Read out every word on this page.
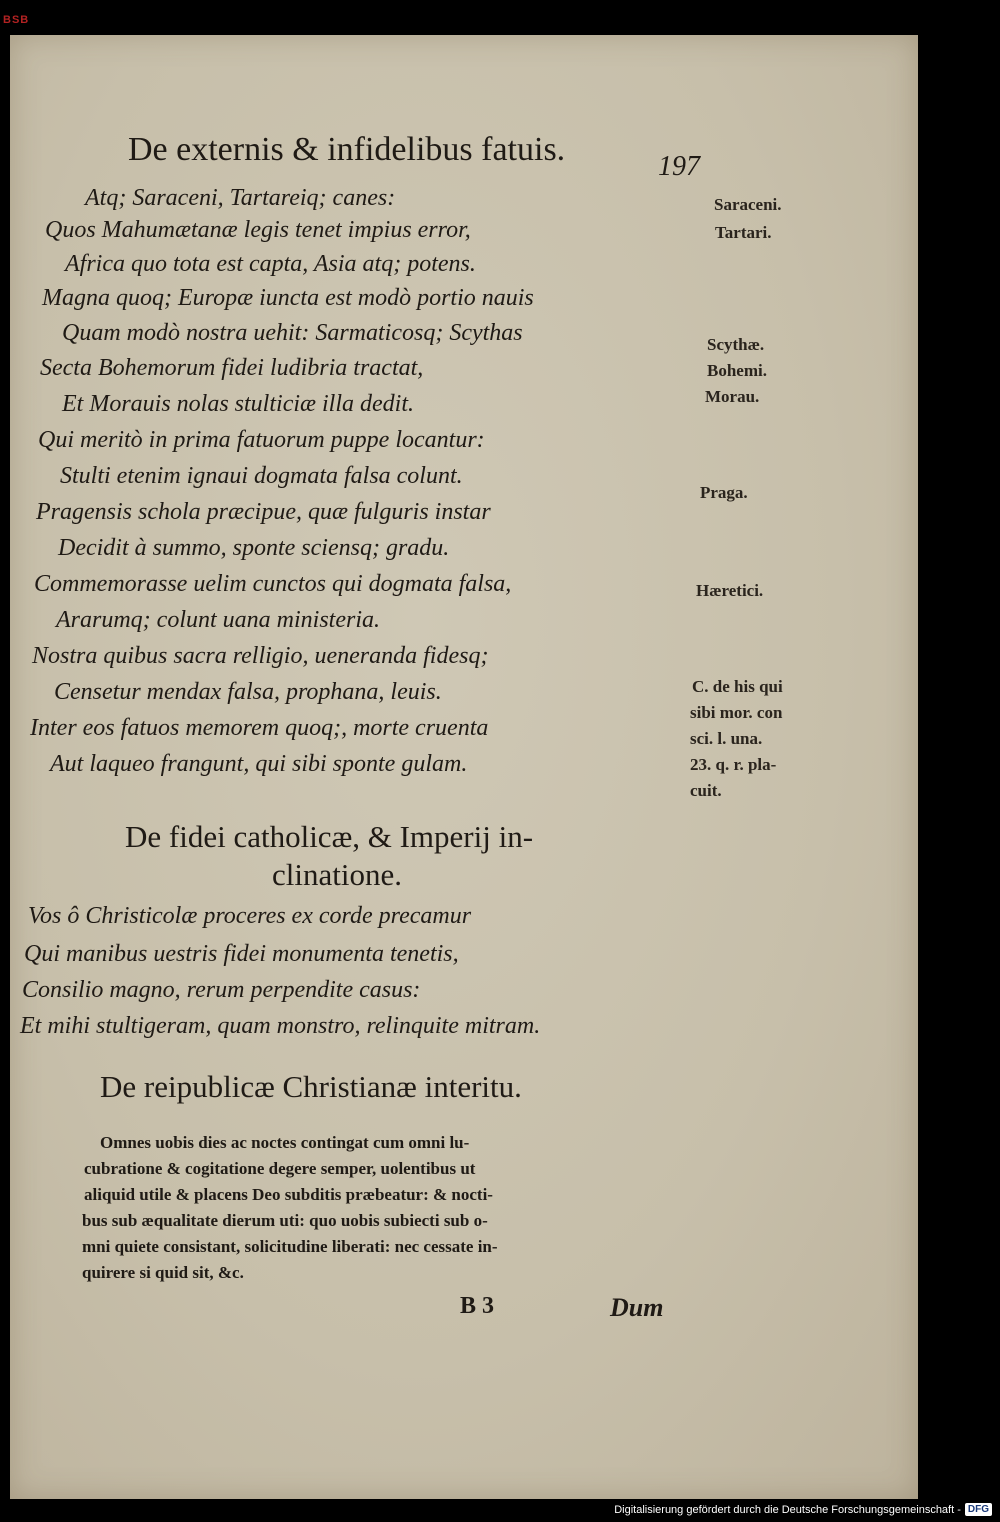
BSB
De externis & infidelibus fatuis.	197
Atq; Saraceni, Tartareiq; canes:
Quos Mahumætanæ legis tenet impius error,
Africa quo tota est capta, Asia atq; potens.
Magna quoq; Europæ iuncta est modò portio nauis
Quam modò nostra uehit: Sarmaticosq; Scythas
Secta Bohemorum fidei ludibria tractat,
Et Morauis nolas stulticiæ illa dedit.
Qui meritò in prima fatuorum puppe locantur:
Stulti etenim ignaui dogmata falsa colunt.
Pragensis schola præcipue, quæ fulguris instar
Decidit à summo, sponte sciensq; gradu.
Commemorasse uelim cunctos qui dogmata falsa,
Ararumq; colunt uana ministeria.
Nostra quibus sacra relligio, ueneranda fidesq;
Censetur mendax falsa, prophana, leuis.
Inter eos fatuos memorem quoq;, morte cruenta
Aut laqueo frangunt, qui sibi sponte gulam.
Saraceni.
Tartari.
Scythæ.
Bohemi.
Morau.
Praga.
Hæretici.
C. de his qui
sibi mor. con
sci. l. una.
23. q. r. pla-
cuit.
De fidei catholicæ, & Imperij in-
clinatione.
Vos ô Christicolæ proceres ex corde precamur
Qui manibus uestris fidei monumenta tenetis,
Consilio magno, rerum perpendite casus:
Et mihi stultigeram, quam monstro, relinquite mitram.
De reipublicæ Christianæ interitu.
Omnes uobis dies ac noctes contingat cum omni lu-
cubratione & cogitatione degere semper, uolentibus ut
aliquid utile & placens Deo subditis præbeatur: & nocti-
bus sub æqualitate dierum uti: quo uobis subiecti sub o-
mni quiete consistant, solicitudine liberati: nec cessate in-
quirere si quid sit, &c.
B 3	Dum
Digitalisierung gefördert durch die Deutsche Forschungsgemeinschaft - DFG
